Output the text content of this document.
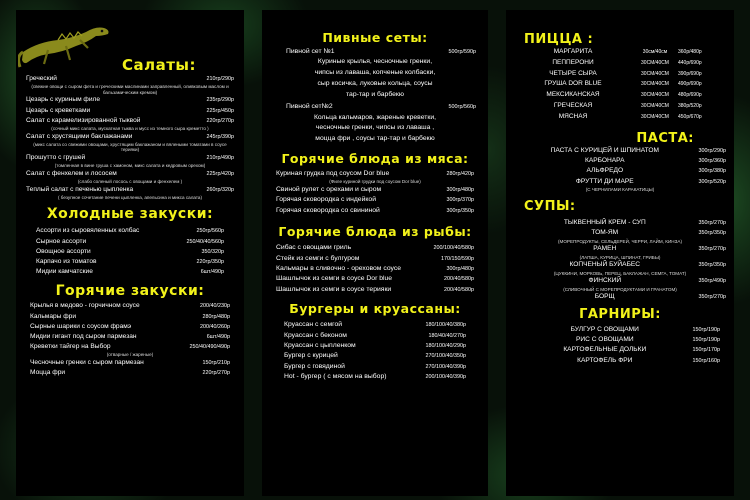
Салаты:
Греческий	210гр/290р
(свежие овощи с сыром фета и греческими маслинами заправленный, оливковым маслом и бальзамическим кремом)
Цезарь с куриным филе	235гр/290р
Цезарь с креветками	225гр/450р
Салат с карамелизированной тыквой	220гр/270р
(сочный микс салата, мускатная тыква и мусс из темного сыра креметто )
Салат с хрустящими баклажанами	245гр/390р
(микс салата со свежими овощами, хрустящим баклажаном и вялеными томатами в соусе терияки)
Прошутто с грушей	210гр/490р
(томленная в вине груша с хамоном, микс салата и кедровым орехом)
Салат с фенхелем и лососем	225гр/420р
(слабо соленый лосось с овощами и фенхелем )
Теплый салат с печенью цыпленка	260гр/320р
( безупное сочетание печени цыпленка, апельсина и микса салата)
Холодные закуски:
Ассорти из сыровяленных колбас	250гр/560р
Сырное ассорти	250/40/40/560р
Овощное ассорти	350/320р
Карпачо из томатов	220гр/350р
Мидии камчатские	6шт/490р
Горячие закуски:
Крылья в медово - горчичном соусе	200/40/230р
Кальмары фри	280гр/480р
Сырные шарики с соусом фрамэ	200/40/260р
Мидии гигант под сыром пармезан	6шт/490р
Креветки тайгер на Выбор	250/40/490/490р
(отварные / жареные)
Чесночные гренки с сыром пармезан	150гр/210р
Моцца фри	220гр/270р
Пивные сеты:
Пивной сет №1	500гр/590р
Куриные крылья, чесночные гренки,
чипсы из лаваша, копченые колбаски,
сыр косичка, луковые кольца, соусы
тар-тар и барбекю
Пивной сет№2	500гр/560р
Кольца кальмаров, жареные креветки,
чесночные гренки, чипсы из лаваша ,
моцца фри , соусы тар-тар и барбекю
Горячие блюда из мяса:
Куриная грудка под соусом Dor blue	280гр/420р
(Филе куриной грудки под соусом Dor blue)
Свиной рулет с орехами и сыром	300гр/480р
Горячая сковородка с индейкой	300гр/370р
Горячая сковородка со свининой	300гр/350р
Горячие блюда из рыбы:
Сибас с овощами гриль	200/100/40/580р
Стейк из семги с булгуром	170/150/590р
Кальмары в сливочно - ореховом соусе	300гр/480р
Шашлычок из семги в соусе Dor blue	200/40/580р
Шашлычок из семги в соусе терияки	200/40/580р
Бургеры и круассаны:
Круассан с семгой	180/100/40/380р
Круассан с беконом	180/40/40/270р
Круассан с цыпленком	180/100/40/290р
Бургер с курицей	270/100/40/350р
Бургер с говядиной	270/100/40/390р
Hot - бургер ( с мясом на выбор)	200/100/40/390р
ПИЦЦА :
МАРГАРИТА	30см/40см	360р/480р
ПЕППЕРОНИ	30СМ/40СМ	440р/690р
ЧЕТЫРЕ СЫРА	30СМ/40СМ	390р/690р
ГРУША DOR BLUE	30СМ/40СМ	490р/690р
МЕКСИКАНСКАЯ	30СМ/40СМ	480р/690р
ГРЕЧЕСКАЯ	30СМ/40СМ	380р/520р
МЯСНАЯ	30СМ/40СМ	450р/670р
ПАСТА:
ПАСТА С КУРИЦЕЙ И ШПИНАТОМ	300гр/290р
КАРБОНАРА	300гр/360р
АЛЬФРЕДО	300гр/380р
ФРУТТИ ДИ МАРЕ	300гр/520р
(С ЧЕРНИЛАМИ КАРАКАТИЦЫ)
СУПЫ:
ТЫКВЕННЫЙ КРЕМ - СУП	350гр/270р
ТОМ-ЯМ	350гр/350р
(МОРЕПРОДУКТЫ, СЕЛЬДЕРЕЙ, ЧЕРРИ, ЛАЙМ, КИНЗА)
РАМЕН	350гр/270р
(ЛАПША, КУРИЦА, ШПИНАТ, ГРИБЫ)
КОПЧЕНЫЙ БУЙАБЕС	350гр/350р
(ЦУККИНИ, МОРКОВЬ, ПЕРЕЦ, БАКЛАЖАН, СЕМГА, ТОМАТ)
ФИНСКИЙ	350гр/490р
(СЛИВОЧНЫЙ С МОРЕПРОДУКТАМИ И ГРАНАТОМ)
БОРЩ	350гр/270р
ГАРНИРЫ:
БУЛГУР С ОВОЩАМИ	150гр/190р
РИС С ОВОЩАМИ	150гр/190р
КАРТОФЕЛЬНЫЕ ДОЛЬКИ	150гр/170р
КАРТОФЕЛЬ ФРИ	150гр/160р
